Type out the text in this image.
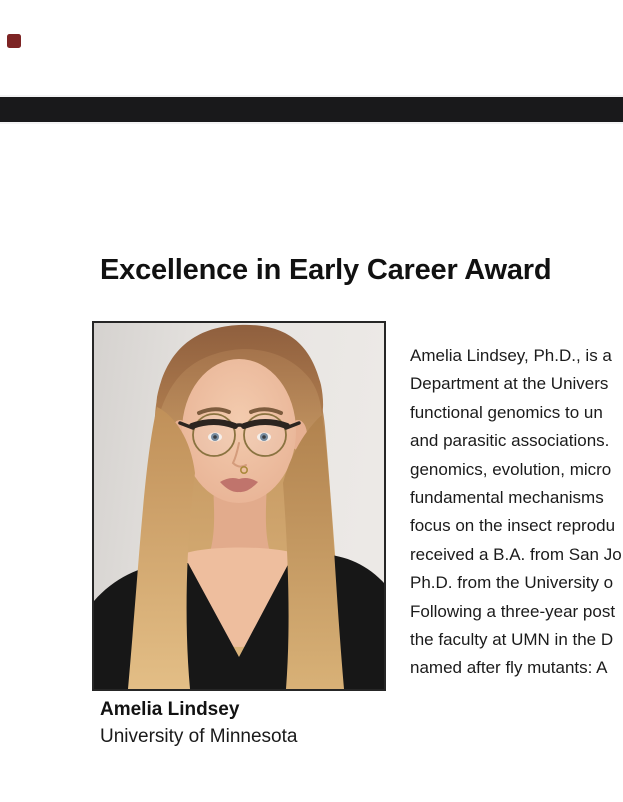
Excellence in Early Career Award
Amelia Lindsey
University of Minnesota
Amelia Lindsey, Ph.D., is a
Department at the Univers
functional genomics to un
and parasitic associations.
genomics, evolution, micro
fundamental mechanisms
focus on the insect reprodu
received a B.A. from San Jo
Ph.D. from the University o
Following a three-year post
the faculty at UMN in the D
named after fly mutants: A
